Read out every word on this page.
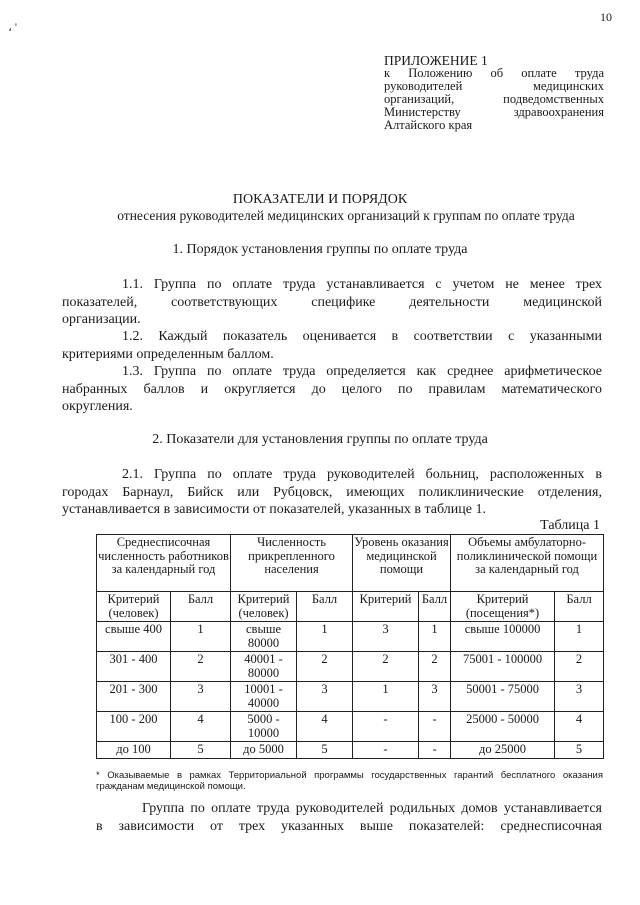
10
، '
ПРИЛОЖЕНИЕ 1
к Положению об оплате труда
руководителей медицинских
организаций, подведомственных
Министерству здравоохранения
Алтайского края
ПОКАЗАТЕЛИ И ПОРЯДОК
отнесения руководителей медицинских организаций к группам по оплате труда
1. Порядок установления группы по оплате труда
1.1. Группа по оплате труда устанавливается с учетом не менее трех
показателей, соответствующих специфике деятельности медицинской
организации.
1.2. Каждый показатель оценивается в соответствии с указанными
критериями определенным баллом.
1.3. Группа по оплате труда определяется как среднее арифметическое
набранных баллов и округляется до целого по правилам математического
округления.
2. Показатели для установления группы по оплате труда
2.1. Группа по оплате труда руководителей больниц, расположенных в
городах Барнаул, Бийск или Рубцовск, имеющих поликлинические отделения,
устанавливается в зависимости от показателей, указанных в таблице 1.
Таблица 1
Среднесписочная численность работников за календарный год		Численность прикрепленного населения		Уровень оказания медицинской помощи		Объемы амбулаторно-поликлинической помощи за календарный год	
Критерий (человек)	Балл	Критерий (человек)	Балл	Критерий	Балл	Критерий (посещения*)	Балл
свыше 400	1	свыше 80000	1	3	1	свыше 100000	1
301 - 400	2	40001 - 80000	2	2	2	75001 - 100000	2
201 - 300	3	10001 - 40000	3	1	3	50001 - 75000	3
100 - 200	4	5000 - 10000	4	-	-	25000 - 50000	4
до 100	5	до 5000	5	-	-	до 25000	5
* Оказываемые в рамках Территориальной программы государственных гарантий бесплатного оказания
гражданам медицинской помощи.
Группа по оплате труда руководителей родильных домов устанавливается
в зависимости от трех указанных выше показателей: среднесписочная
